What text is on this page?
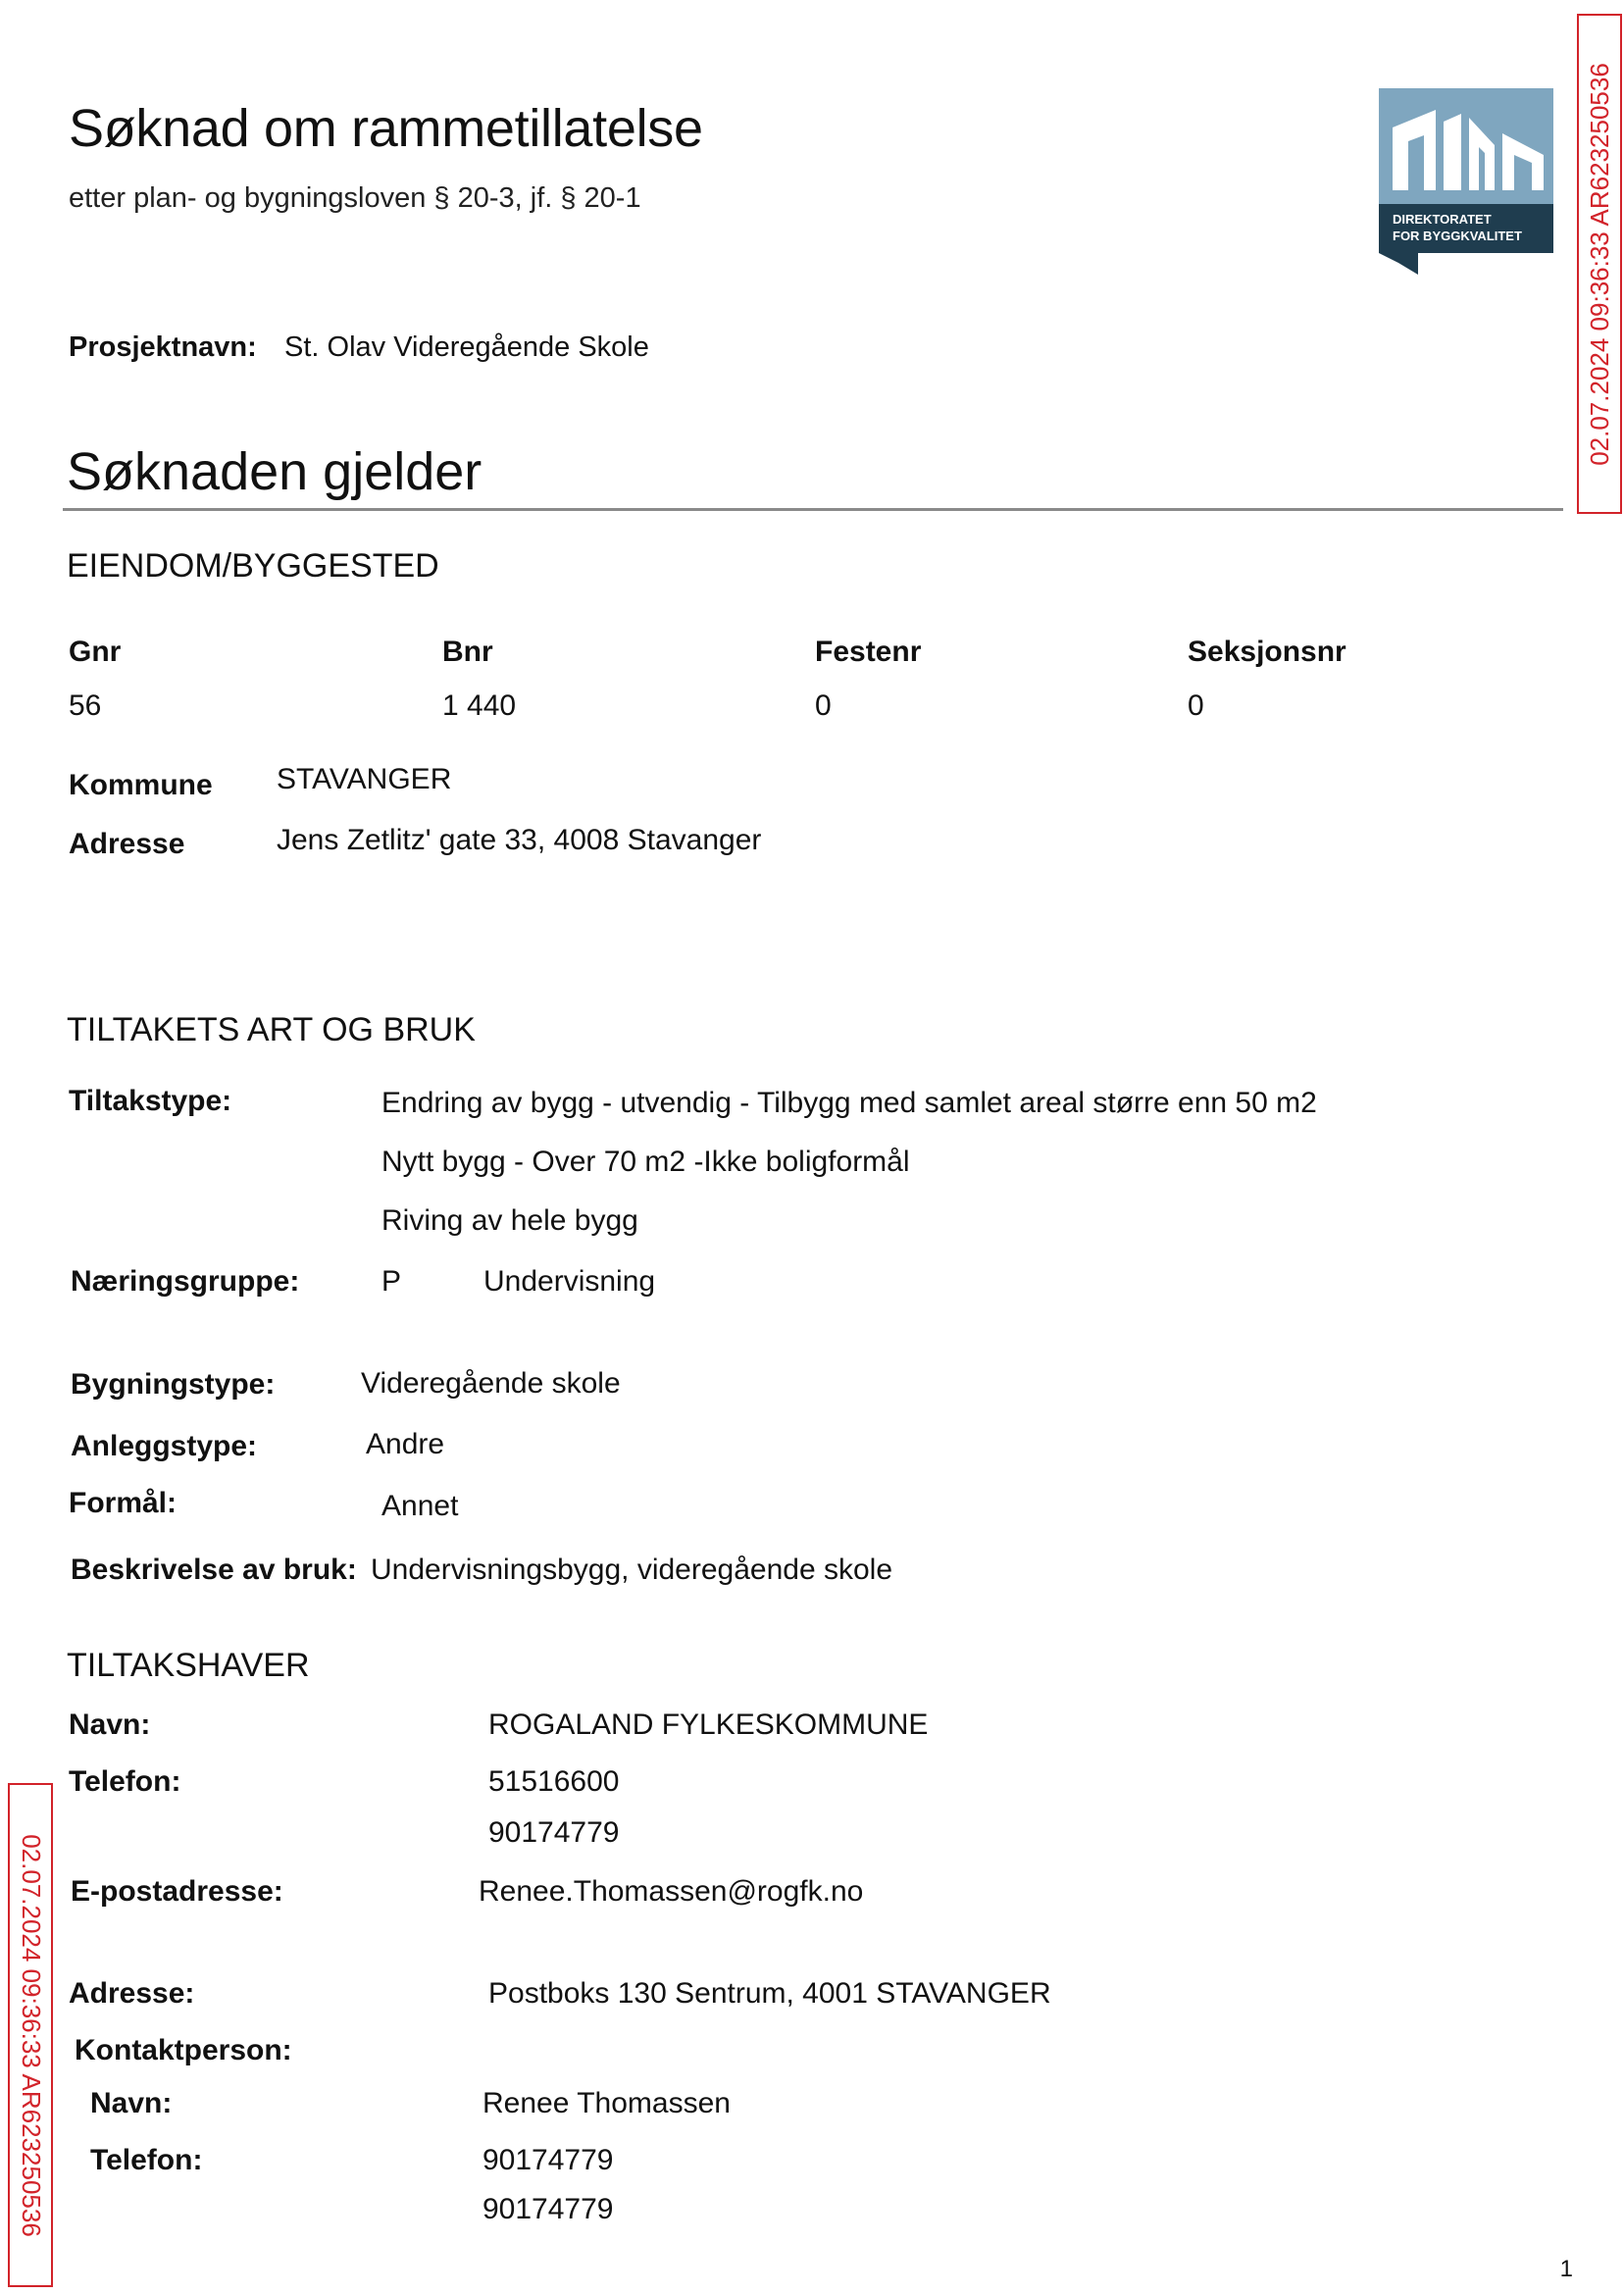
Søknad om rammetillatelse
etter plan- og bygningsloven § 20-3, jf. § 20-1
DIREKTORATET
FOR BYGGKVALITET 02.07.2024 09:36:33 AR623250536
Prosjektnavn: St. Olav Videregående Skole
Søknaden gjelder
EIENDOM/BYGGESTED
Gnr	Bnr	Festenr	Seksjonsnr
56	1 440	0	0
Kommune STAVANGER
Adresse	Jens Zetlitz' gate 33, 4008 Stavanger
TILTAKETS ART OG BRUK
Tiltakstype:	Endring av bygg - utvendig - Tilbygg med samlet areal større enn 50 m2
Nytt bygg - Over 70 m2 -Ikke boligformål
Riving av hele bygg
Næringsgruppe:	P	Undervisning
Bygningstype:	Videregående skole
Anleggstype:	Andre
Formål:	Annet
Beskrivelse av bruk: Undervisningsbygg, videregående skole
TILTAKSHAVER
Navn:	ROGALAND FYLKESKOMMUNE
Telefon:	51516600
90174779
E-postadresse:	Renee.Thomassen@rogfk.no
Adresse:	Postboks 130 Sentrum, 4001 STAVANGER
Kontaktperson:
Navn:	Renee Thomassen
Telefon:	90174779
90174779
02.07.2024 09:36:33 AR623250536
1
